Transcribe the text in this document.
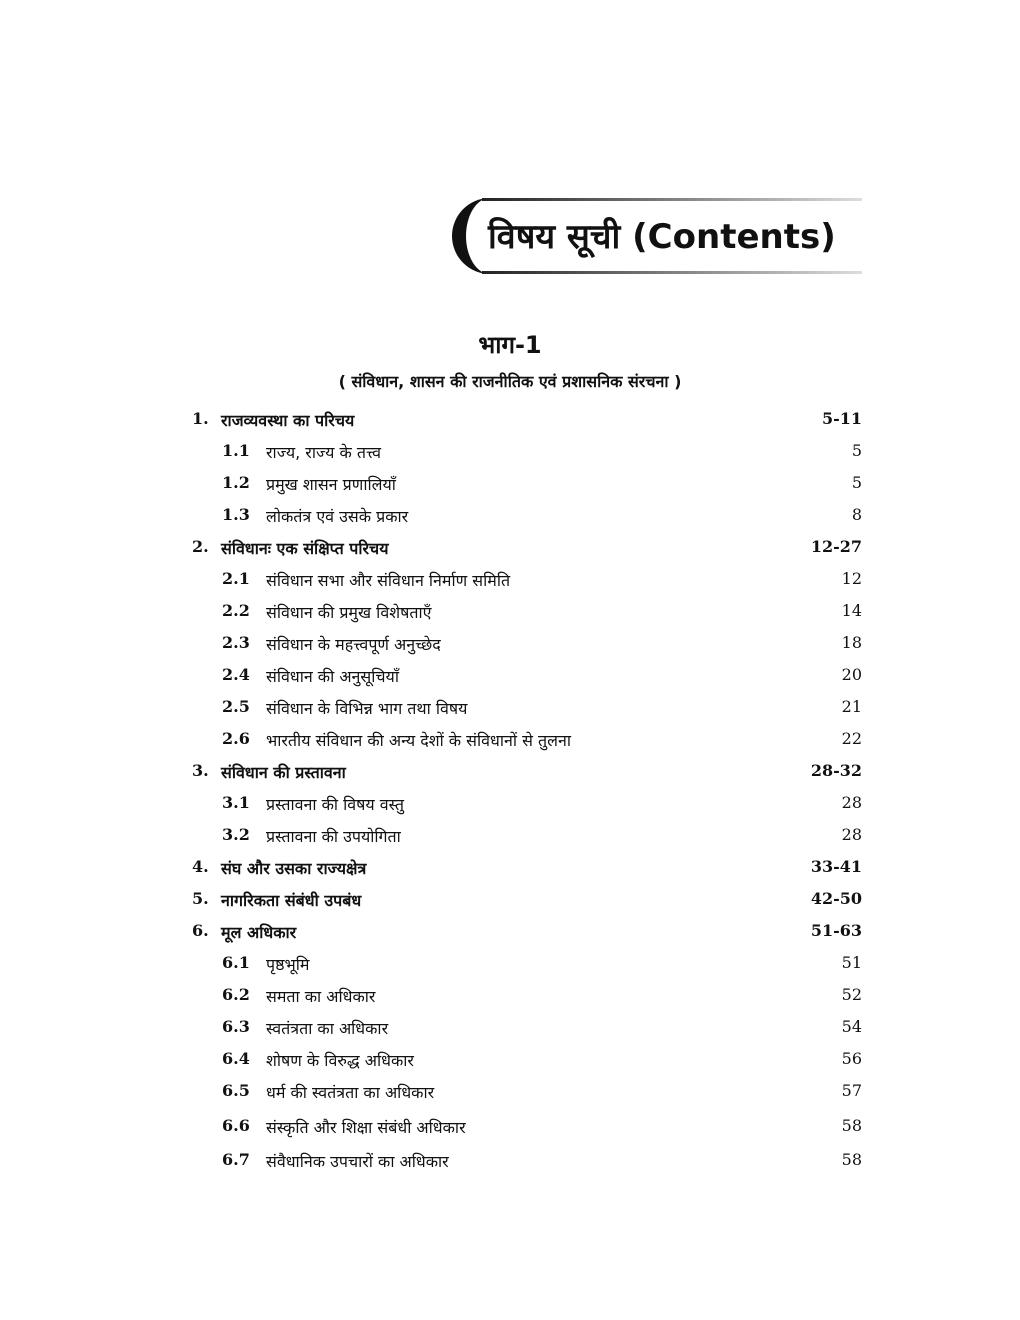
विषय सूची (Contents)
भाग-1
( संविधान, शासन की राजनीतिक एवं प्रशासनिक संरचना )
1. राजव्यवस्था का परिचय	5-11
1.1 राज्य, राज्य के तत्त्व	5
1.2 प्रमुख शासन प्रणालियाँ	5
1.3 लोकतंत्र एवं उसके प्रकार	8
2. संविधानः एक संक्षिप्त परिचय	12-27
2.1 संविधान सभा और संविधान निर्माण समिति	12
2.2 संविधान की प्रमुख विशेषताएँ	14
2.3 संविधान के महत्त्वपूर्ण अनुच्छेद	18
2.4 संविधान की अनुसूचियाँ	20
2.5 संविधान के विभिन्न भाग तथा विषय	21
2.6 भारतीय संविधान की अन्य देशों के संविधानों से तुलना	22
3. संविधान की प्रस्तावना	28-32
3.1 प्रस्तावना की विषय वस्तु	28
3.2 प्रस्तावना की उपयोगिता	28
4. संघ और उसका राज्यक्षेत्र	33-41
5. नागरिकता संबंधी उपबंध	42-50
6. मूल अधिकार	51-63
6.1 पृष्ठभूमि	51
6.2 समता का अधिकार	52
6.3 स्वतंत्रता का अधिकार	54
6.4 शोषण के विरुद्ध अधिकार	56
6.5 धर्म की स्वतंत्रता का अधिकार	57
6.6 संस्कृति और शिक्षा संबंधी अधिकार	58
6.7 संवैधानिक उपचारों का अधिकार	58
